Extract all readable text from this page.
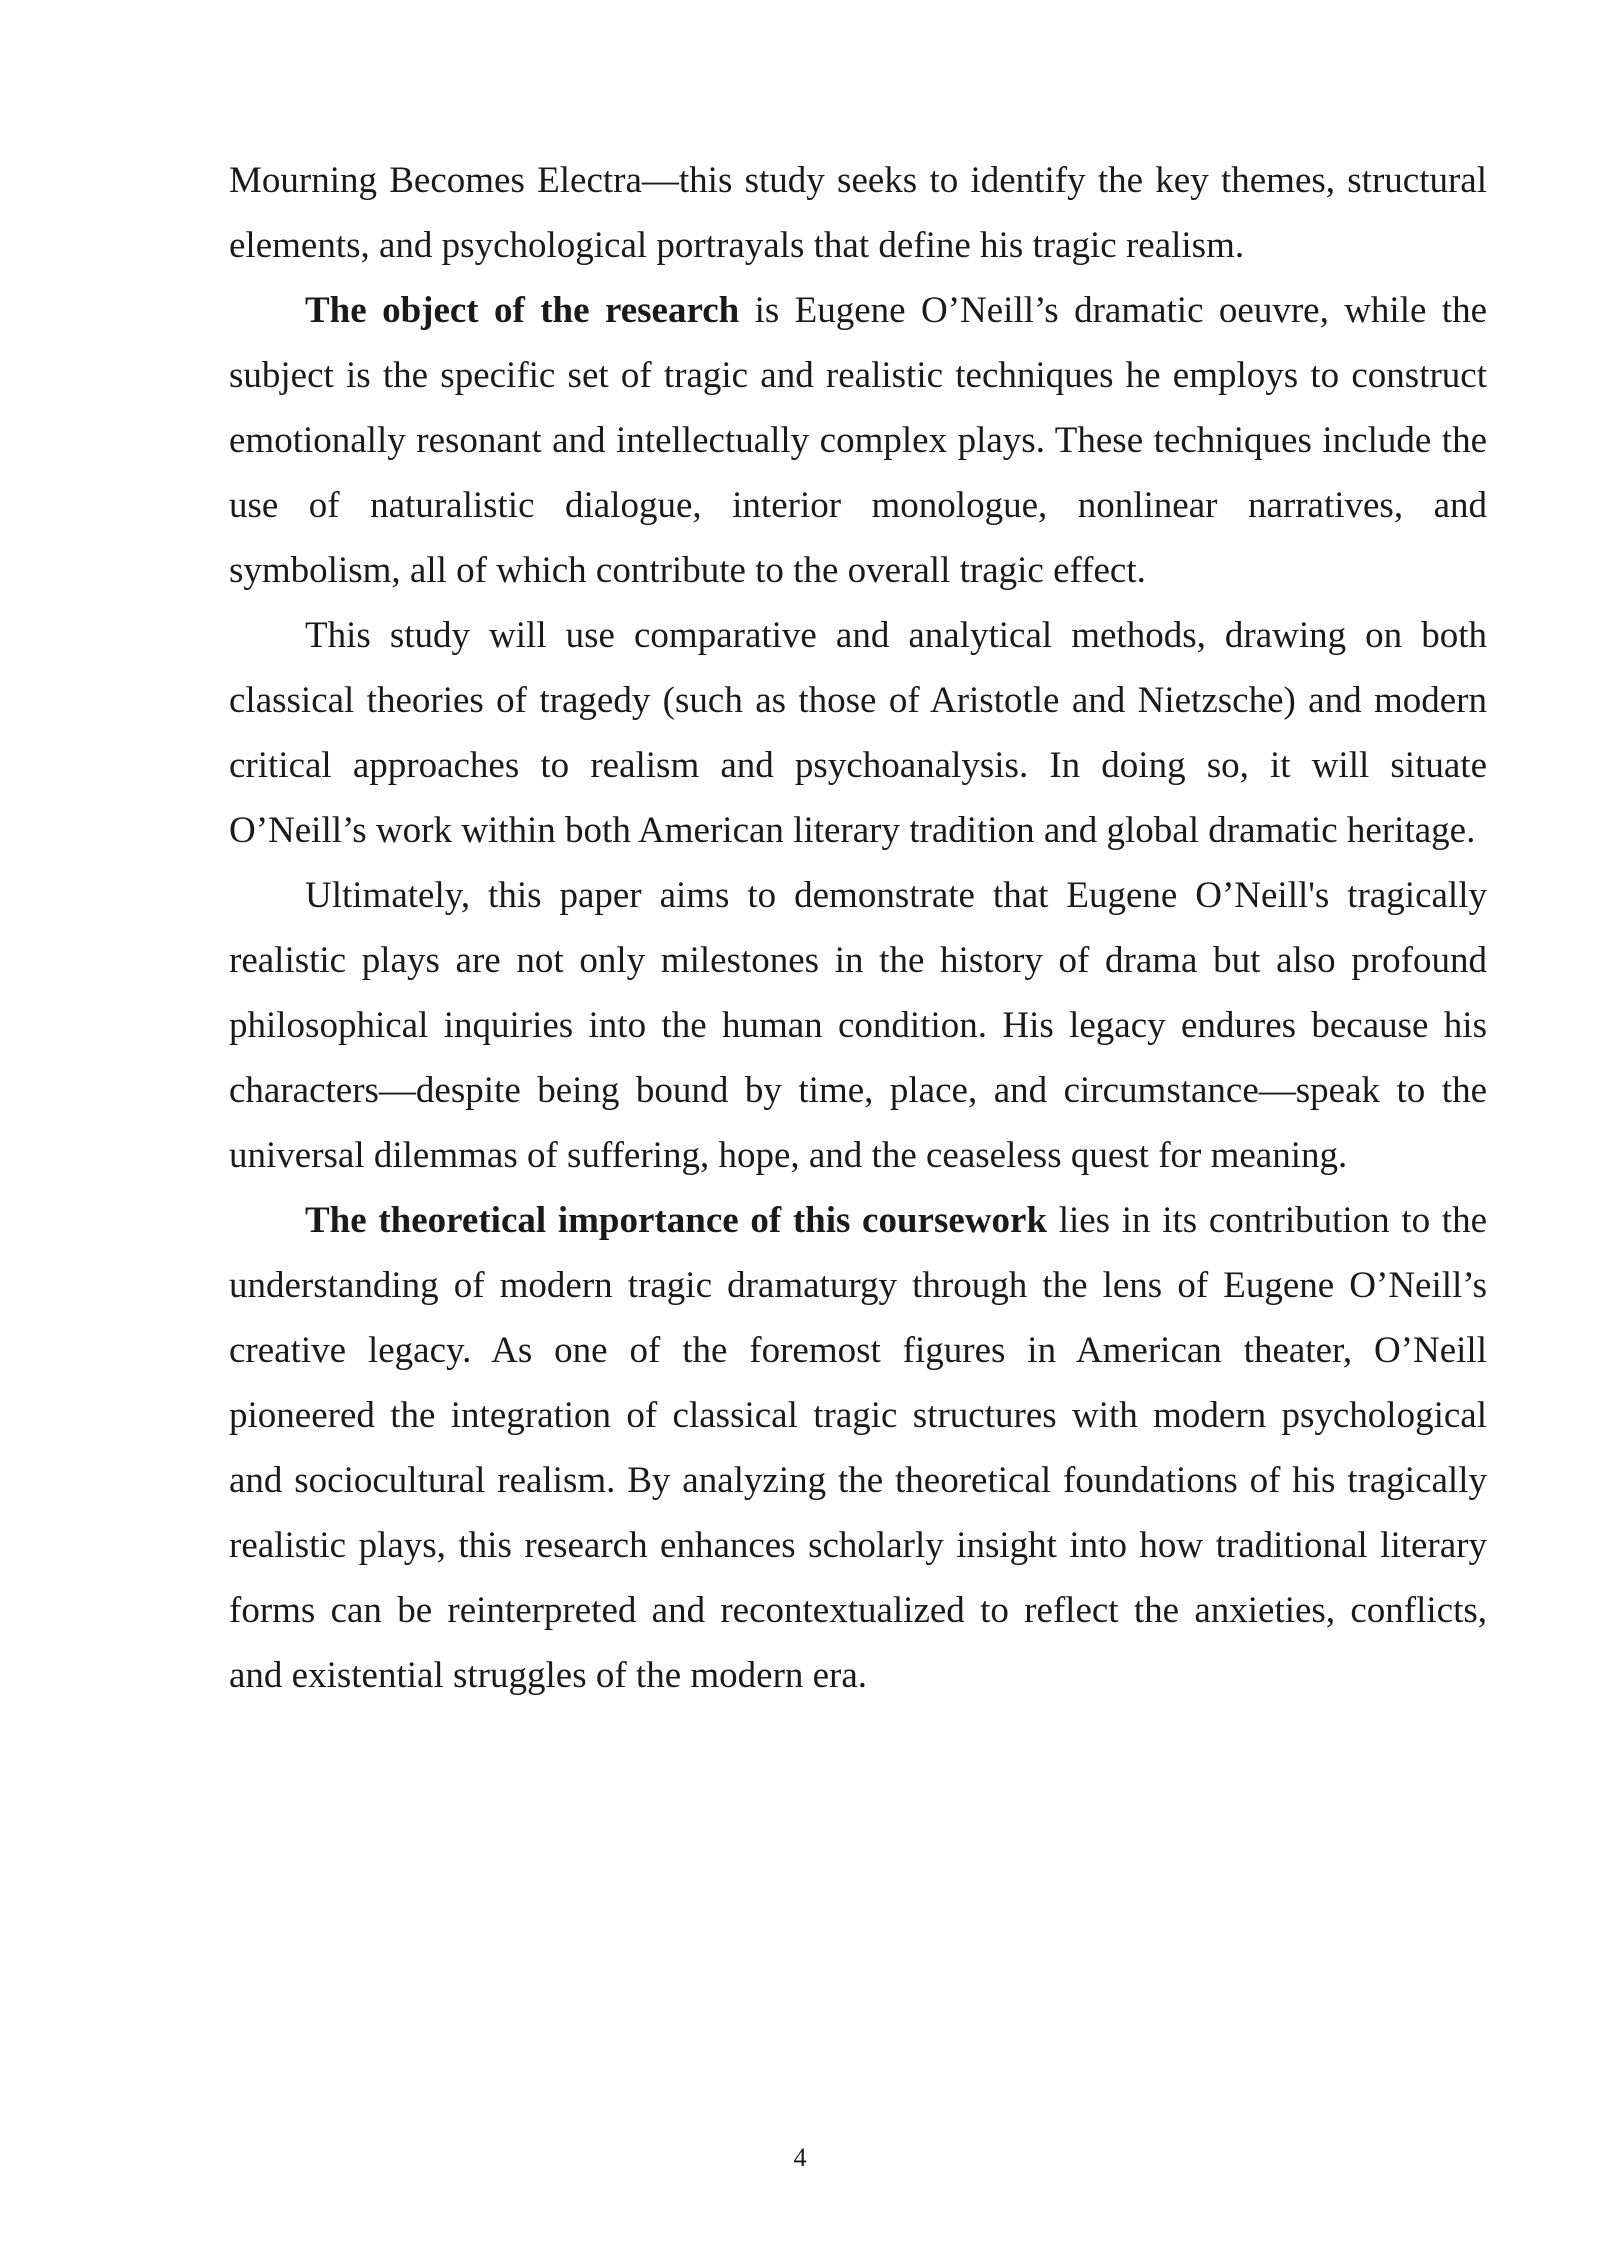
Mourning Becomes Electra—this study seeks to identify the key themes, structural elements, and psychological portrayals that define his tragic realism.

The object of the research is Eugene O’Neill’s dramatic oeuvre, while the subject is the specific set of tragic and realistic techniques he employs to construct emotionally resonant and intellectually complex plays. These techniques include the use of naturalistic dialogue, interior monologue, nonlinear narratives, and symbolism, all of which contribute to the overall tragic effect.

This study will use comparative and analytical methods, drawing on both classical theories of tragedy (such as those of Aristotle and Nietzsche) and modern critical approaches to realism and psychoanalysis. In doing so, it will situate O’Neill’s work within both American literary tradition and global dramatic heritage.

Ultimately, this paper aims to demonstrate that Eugene O’Neill's tragically realistic plays are not only milestones in the history of drama but also profound philosophical inquiries into the human condition. His legacy endures because his characters—despite being bound by time, place, and circumstance—speak to the universal dilemmas of suffering, hope, and the ceaseless quest for meaning.

The theoretical importance of this coursework lies in its contribution to the understanding of modern tragic dramaturgy through the lens of Eugene O’Neill’s creative legacy. As one of the foremost figures in American theater, O’Neill pioneered the integration of classical tragic structures with modern psychological and sociocultural realism. By analyzing the theoretical foundations of his tragically realistic plays, this research enhances scholarly insight into how traditional literary forms can be reinterpreted and recontextualized to reflect the anxieties, conflicts, and existential struggles of the modern era.

4
